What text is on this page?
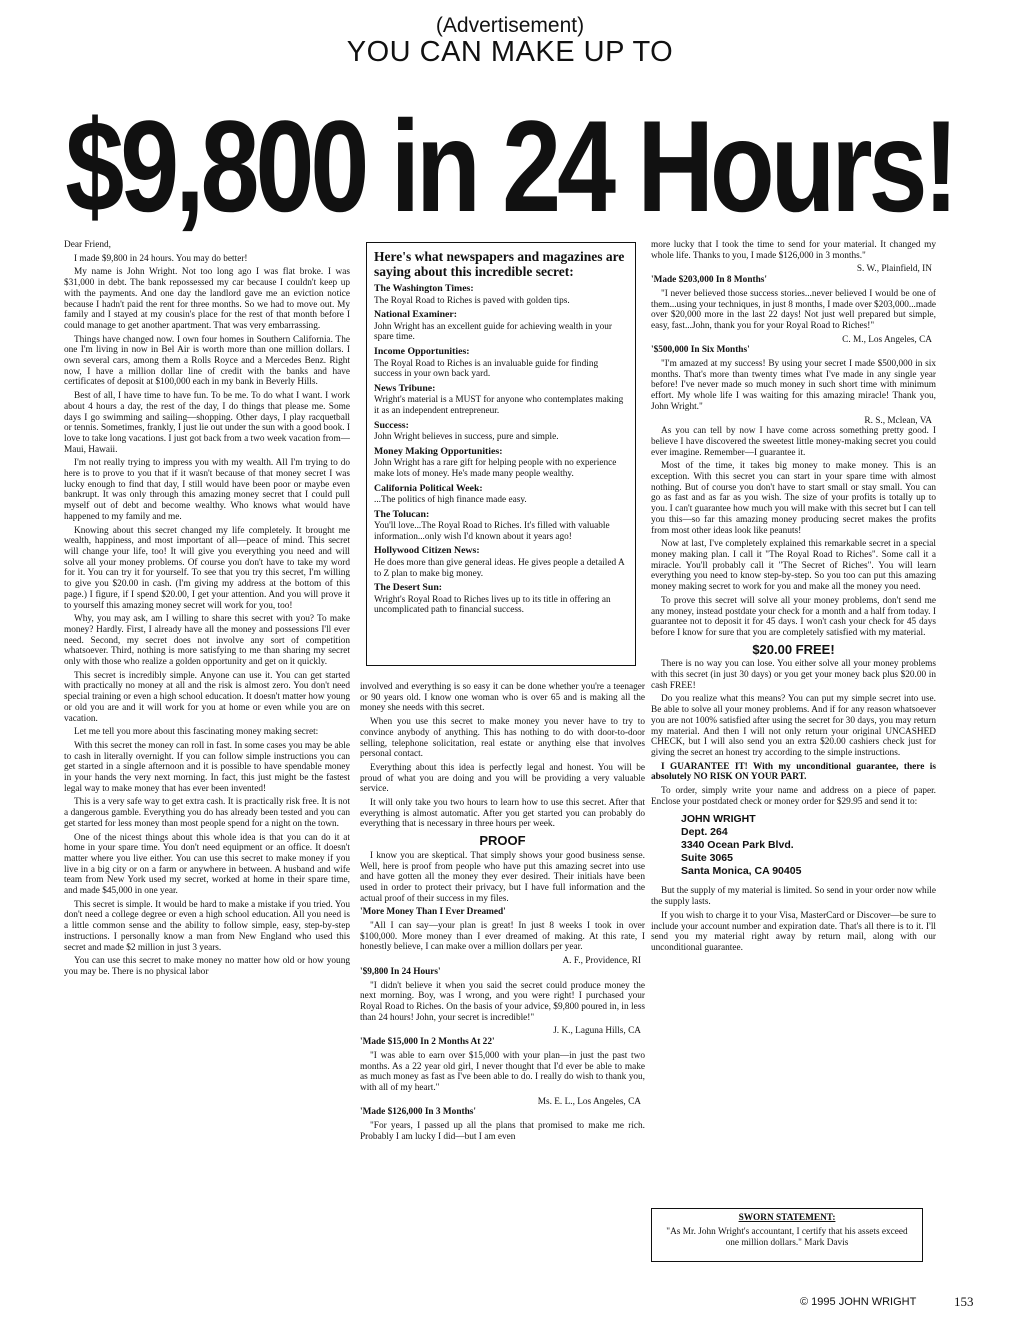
(Advertisement)
YOU CAN MAKE UP TO
$9,800 in 24 Hours!

Dear Friend,

I made $9,800 in 24 hours. You may do better!

My name is John Wright. Not too long ago I was flat broke. I was $31,000 in debt. The bank repossessed my car because I couldn't keep up with the payments. And one day the landlord gave me an eviction notice because I hadn't paid the rent for three months. So we had to move out. My family and I stayed at my cousin's place for the rest of that month before I could manage to get another apartment. That was very embarrassing.

Things have changed now. I own four homes in Southern California. The one I'm living in now in Bel Air is worth more than one million dollars. I own several cars, among them a Rolls Royce and a Mercedes Benz. Right now, I have a million dollar line of credit with the banks and have certificates of deposit at $100,000 each in my bank in Beverly Hills.

Best of all, I have time to have fun. To be me. To do what I want. I work about 4 hours a day, the rest of the day, I do things that please me. Some days I go swimming and sailing—shopping. Other days, I play racquetball or tennis. Sometimes, frankly, I just lie out under the sun with a good book. I love to take long vacations. I just got back from a two week vacation from—Maui, Hawaii.

I'm not really trying to impress you with my wealth. All I'm trying to do here is to prove to you that if it wasn't because of that money secret I was lucky enough to find that day, I still would have been poor or maybe even bankrupt. It was only through this amazing money secret that I could pull myself out of debt and become wealthy. Who knows what would have happened to my family and me.

Knowing about this secret changed my life completely. It brought me wealth, happiness, and most important of all—peace of mind. This secret will change your life, too! It will give you everything you need and will solve all your money problems. Of course you don't have to take my word for it. You can try it for yourself. To see that you try this secret, I'm willing to give you $20.00 in cash. (I'm giving my address at the bottom of this page.) I figure, if I spend $20.00, I get your attention. And you will prove it to yourself this amazing money secret will work for you, too!

Why, you may ask, am I willing to share this secret with you? To make money? Hardly. First, I already have all the money and possessions I'll ever need. Second, my secret does not involve any sort of competition whatsoever. Third, nothing is more satisfying to me than sharing my secret only with those who realize a golden opportunity and get on it quickly.

This secret is incredibly simple. Anyone can use it. You can get started with practically no money at all and the risk is almost zero. You don't need special training or even a high school education. It doesn't matter how young or old you are and it will work for you at home or even while you are on vacation.

Let me tell you more about this fascinating money making secret:

With this secret the money can roll in fast. In some cases you may be able to cash in literally overnight. If you can follow simple instructions you can get started in a single afternoon and it is possible to have spendable money in your hands the very next morning. In fact, this just might be the fastest legal way to make money that has ever been invented!

This is a very safe way to get extra cash. It is practically risk free. It is not a dangerous gamble. Everything you do has already been tested and you can get started for less money than most people spend for a night on the town.

One of the nicest things about this whole idea is that you can do it at home in your spare time. You don't need equipment or an office. It doesn't matter where you live either. You can use this secret to make money if you live in a big city or on a farm or anywhere in between. A husband and wife team from New York used my secret, worked at home in their spare time, and made $45,000 in one year.

This secret is simple. It would be hard to make a mistake if you tried. You don't need a college degree or even a high school education. All you need is a little common sense and the ability to follow simple, easy, step-by-step instructions. I personally know a man from New England who used this secret and made $2 million in just 3 years.

You can use this secret to make money no matter how old or how young you may be. There is no physical labor

Here's what newspapers and magazines are saying about this incredible secret:
The Washington Times:
The Royal Road to Riches is paved with golden tips.
National Examiner:
John Wright has an excellent guide for achieving wealth in your spare time.
Income Opportunities:
The Royal Road to Riches is an invaluable guide for finding success in your own back yard.
News Tribune:
Wright's material is a MUST for anyone who contemplates making it as an independent entrepreneur.
Success:
John Wright believes in success, pure and simple.
Money Making Opportunities:
John Wright has a rare gift for helping people with no experience make lots of money. He's made many people wealthy.
California Political Week:
...The politics of high finance made easy.
The Tolucan:
You'll love...The Royal Road to Riches. It's filled with valuable information...only wish I'd known about it years ago!
Hollywood Citizen News:
He does more than give general ideas. He gives people a detailed A to Z plan to make big money.
The Desert Sun:
Wright's Royal Road to Riches lives up to its title in offering an uncomplicated path to financial success.

involved and everything is so easy it can be done whether you're a teenager or 90 years old. I know one woman who is over 65 and is making all the money she needs with this secret.

When you use this secret to make money you never have to try to convince anybody of anything. This has nothing to do with door-to-door selling, telephone solicitation, real estate or anything else that involves personal contact.

Everything about this idea is perfectly legal and honest. You will be proud of what you are doing and you will be providing a very valuable service.

It will only take you two hours to learn how to use this secret. After that everything is almost automatic. After you get started you can probably do everything that is necessary in three hours per week.

PROOF

I know you are skeptical. That simply shows your good business sense. Well, here is proof from people who have put this amazing secret into use and have gotten all the money they ever desired. Their initials have been used in order to protect their privacy, but I have full information and the actual proof of their success in my files.

'More Money Than I Ever Dreamed'

"All I can say—your plan is great! In just 8 weeks I took in over $100,000. More money than I ever dreamed of making. At this rate, I honestly believe, I can make over a million dollars per year.

A. F., Providence, RI

'$9,800 In 24 Hours'

"I didn't believe it when you said the secret could produce money the next morning. Boy, was I wrong, and you were right! I purchased your Royal Road to Riches. On the basis of your advice, $9,800 poured in, in less than 24 hours! John, your secret is incredible!"

J. K., Laguna Hills, CA

'Made $15,000 In 2 Months At 22'

"I was able to earn over $15,000 with your plan—in just the past two months. As a 22 year old girl, I never thought that I'd ever be able to make as much money as fast as I've been able to do. I really do wish to thank you, with all of my heart."

Ms. E. L., Los Angeles, CA

'Made $126,000 In 3 Months'

"For years, I passed up all the plans that promised to make me rich. Probably I am lucky I did—but I am even

more lucky that I took the time to send for your material. It changed my whole life. Thanks to you, I made $126,000 in 3 months."

S. W., Plainfield, IN

'Made $203,000 In 8 Months'

"I never believed those success stories...never believed I would be one of them...using your techniques, in just 8 months, I made over $203,000...made over $20,000 more in the last 22 days! Not just well prepared but simple, easy, fast...John, thank you for your Royal Road to Riches!"

C. M., Los Angeles, CA

'$500,000 In Six Months'

"I'm amazed at my success! By using your secret I made $500,000 in six months. That's more than twenty times what I've made in any single year before! I've never made so much money in such short time with minimum effort. My whole life I was waiting for this amazing miracle! Thank you, John Wright."

R. S., Mclean, VA

As you can tell by now I have come across something pretty good. I believe I have discovered the sweetest little money-making secret you could ever imagine. Remember—I guarantee it.

Most of the time, it takes big money to make money. This is an exception. With this secret you can start in your spare time with almost nothing. But of course you don't have to start small or stay small. You can go as fast and as far as you wish. The size of your profits is totally up to you. I can't guarantee how much you will make with this secret but I can tell you this—so far this amazing money producing secret makes the profits from most other ideas look like peanuts!

Now at last, I've completely explained this remarkable secret in a special money making plan. I call it "The Royal Road to Riches". Some call it a miracle. You'll probably call it "The Secret of Riches". You will learn everything you need to know step-by-step. So you too can put this amazing money making secret to work for you and make all the money you need.

To prove this secret will solve all your money problems, don't send me any money, instead postdate your check for a month and a half from today. I guarantee not to deposit it for 45 days. I won't cash your check for 45 days before I know for sure that you are completely satisfied with my material.

$20.00 FREE!

There is no way you can lose. You either solve all your money problems with this secret (in just 30 days) or you get your money back plus $20.00 in cash FREE!

Do you realize what this means? You can put my simple secret into use. Be able to solve all your money problems. And if for any reason whatsoever you are not 100% satisfied after using the secret for 30 days, you may return my material. And then I will not only return your original UNCASHED CHECK, but I will also send you an extra $20.00 cashiers check just for giving the secret an honest try according to the simple instructions.

I GUARANTEE IT! With my unconditional guarantee, there is absolutely NO RISK ON YOUR PART.

To order, simply write your name and address on a piece of paper. Enclose your postdated check or money order for $29.95 and send it to:

JOHN WRIGHT
Dept. 264
3340 Ocean Park Blvd.
Suite 3065
Santa Monica, CA 90405

But the supply of my material is limited. So send in your order now while the supply lasts.

If you wish to charge it to your Visa, MasterCard or Discover—be sure to include your account number and expiration date. That's all there is to it. I'll send you my material right away by return mail, along with our unconditional guarantee.

SWORN STATEMENT:
"As Mr. John Wright's accountant, I certify that his assets exceed one million dollars." Mark Davis
© 1995 JOHN WRIGHT	153
